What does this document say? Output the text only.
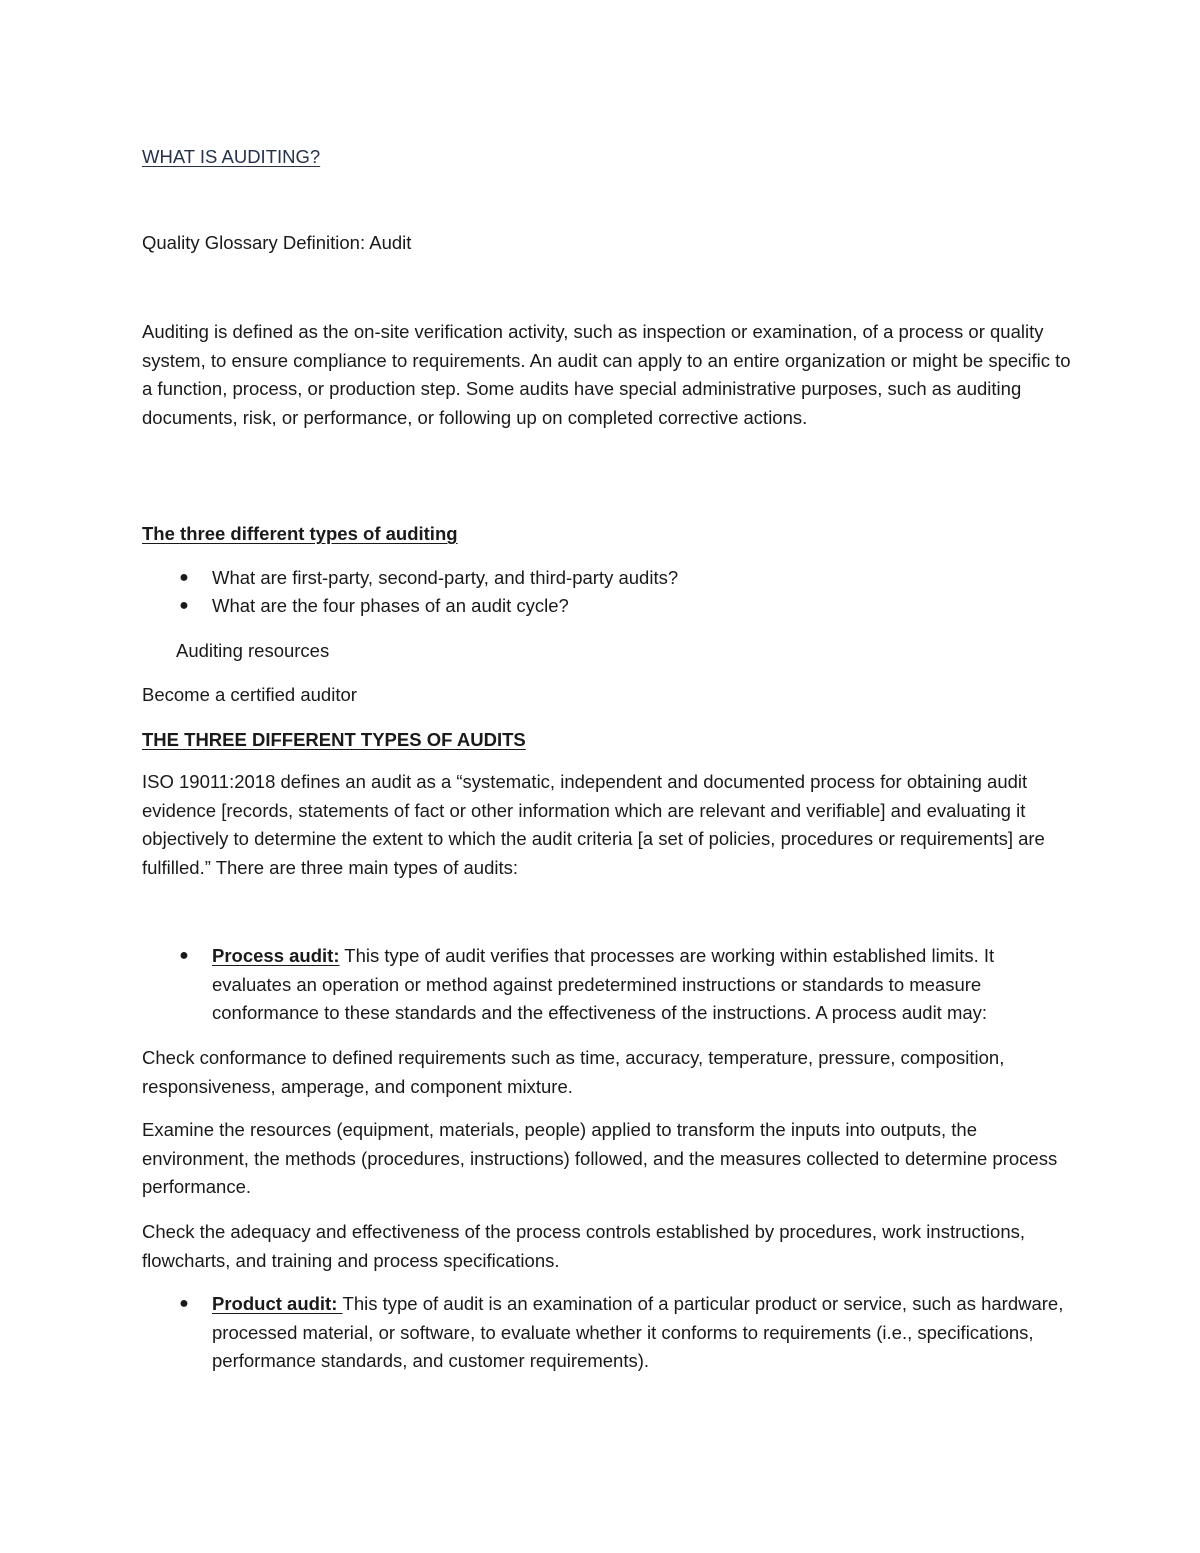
WHAT IS AUDITING?

Quality Glossary Definition: Audit

Auditing is defined as the on-site verification activity, such as inspection or examination, of a process or quality system, to ensure compliance to requirements. An audit can apply to an entire organization or might be specific to a function, process, or production step. Some audits have special administrative purposes, such as auditing documents, risk, or performance, or following up on completed corrective actions.

The three different types of auditing

● What are first-party, second-party, and third-party audits?
● What are the four phases of an audit cycle?

Auditing resources

Become a certified auditor

THE THREE DIFFERENT TYPES OF AUDITS

ISO 19011:2018 defines an audit as a “systematic, independent and documented process for obtaining audit evidence [records, statements of fact or other information which are relevant and verifiable] and evaluating it objectively to determine the extent to which the audit criteria [a set of policies, procedures or requirements] are fulfilled.” There are three main types of audits:

● Process audit: This type of audit verifies that processes are working within established limits. It evaluates an operation or method against predetermined instructions or standards to measure conformance to these standards and the effectiveness of the instructions. A process audit may:

Check conformance to defined requirements such as time, accuracy, temperature, pressure, composition, responsiveness, amperage, and component mixture.

Examine the resources (equipment, materials, people) applied to transform the inputs into outputs, the environment, the methods (procedures, instructions) followed, and the measures collected to determine process performance.

Check the adequacy and effectiveness of the process controls established by procedures, work instructions, flowcharts, and training and process specifications.

● Product audit: This type of audit is an examination of a particular product or service, such as hardware, processed material, or software, to evaluate whether it conforms to requirements (i.e., specifications, performance standards, and customer requirements).
